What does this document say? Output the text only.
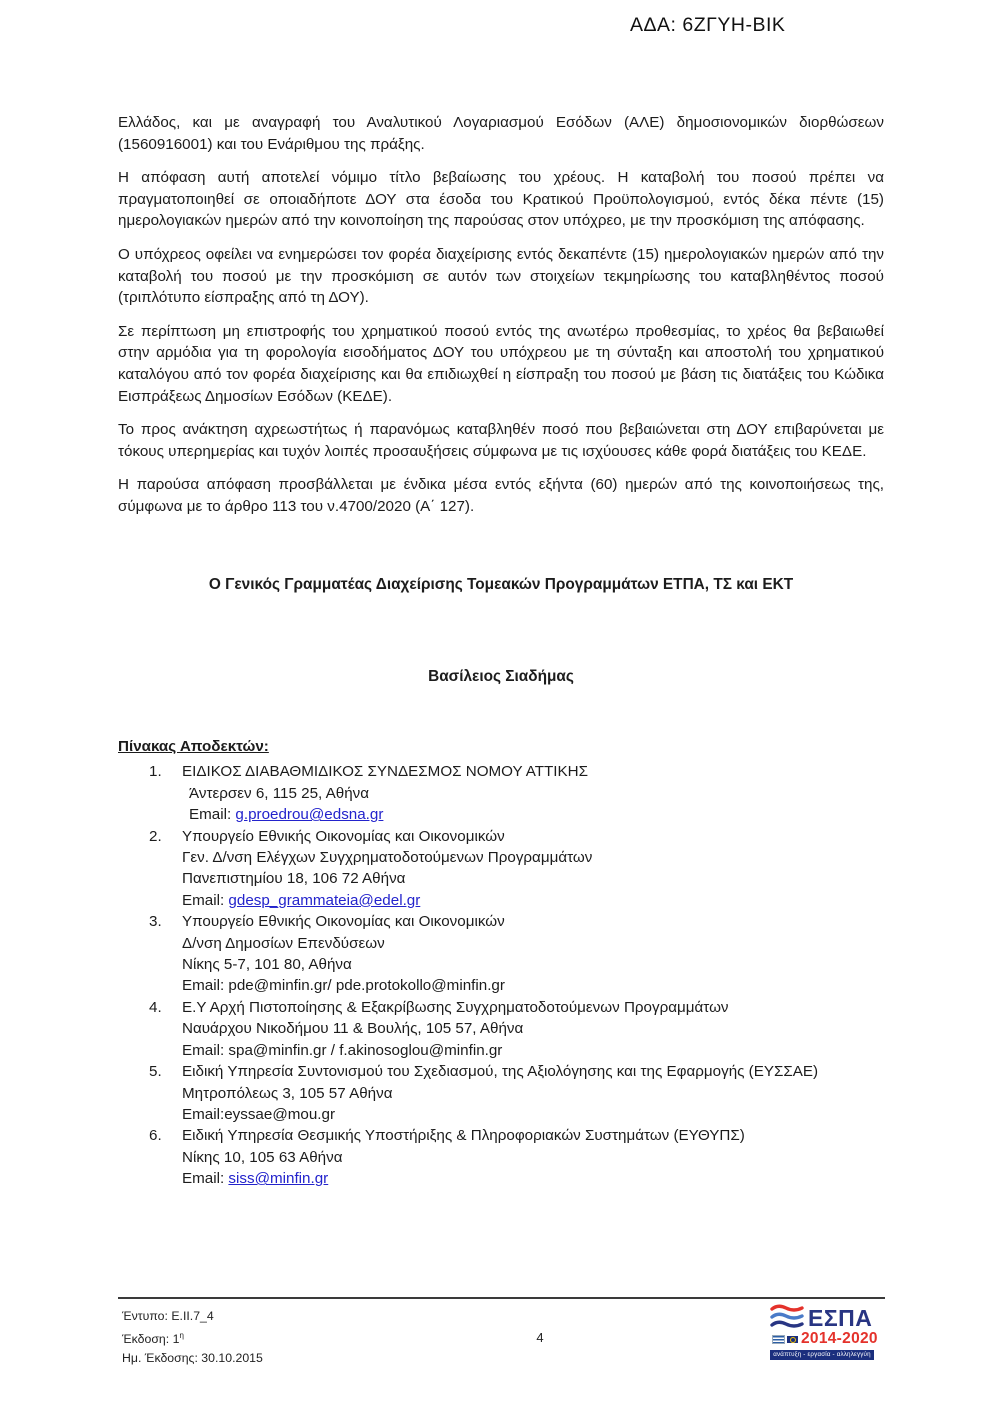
ΑΔΑ: 6ΖΓΥΗ-ΒΙΚ

Ελλάδος, και με αναγραφή του Αναλυτικού Λογαριασμού Εσόδων (ΑΛΕ) δημοσιονομικών διορθώσεων (1560916001) και του Ενάριθμου της πράξης.

Η απόφαση αυτή αποτελεί νόμιμο τίτλο βεβαίωσης του χρέους. Η καταβολή του ποσού πρέπει να πραγματοποιηθεί σε οποιαδήποτε ΔΟΥ στα έσοδα του Κρατικού Προϋπολογισμού, εντός δέκα πέντε (15) ημερολογιακών ημερών από την κοινοποίηση της παρούσας στον υπόχρεο, με την προσκόμιση της απόφασης.

Ο υπόχρεος οφείλει να ενημερώσει τον φορέα διαχείρισης εντός δεκαπέντε (15) ημερολογιακών ημερών από την καταβολή του ποσού με την προσκόμιση σε αυτόν των στοιχείων τεκμηρίωσης του καταβληθέντος ποσού (τριπλότυπο είσπραξης από τη ΔΟΥ).

Σε περίπτωση μη επιστροφής του χρηματικού ποσού εντός της ανωτέρω προθεσμίας, το χρέος θα βεβαιωθεί στην αρμόδια για τη φορολογία εισοδήματος ΔΟΥ του υπόχρεου με τη σύνταξη και αποστολή του χρηματικού καταλόγου από τον φορέα διαχείρισης και θα επιδιωχθεί η είσπραξη του ποσού με βάση τις διατάξεις του Κώδικα Εισπράξεως Δημοσίων Εσόδων (ΚΕΔΕ).

Το προς ανάκτηση αχρεωστήτως ή παρανόμως καταβληθέν ποσό που βεβαιώνεται στη ΔΟΥ επιβαρύνεται με τόκους υπερημερίας και τυχόν λοιπές προσαυξήσεις σύμφωνα με τις ισχύουσες κάθε φορά διατάξεις του ΚΕΔΕ.

Η παρούσα απόφαση προσβάλλεται με ένδικα μέσα εντός εξήντα (60) ημερών από της κοινοποιήσεως της, σύμφωνα με το άρθρο 113 του ν.4700/2020 (Α΄ 127).

Ο Γενικός Γραμματέας Διαχείρισης Τομεακών Προγραμμάτων ΕΤΠΑ, ΤΣ και ΕΚΤ
Βασίλειος Σιαδήμας
Πίνακας Αποδεκτών:
1.	ΕΙΔΙΚΟΣ ΔΙΑΒΑΘΜΙΔΙΚΟΣ ΣΥΝΔΕΣΜΟΣ ΝΟΜΟΥ ΑΤΤΙΚΗΣ
Άντερσεν 6, 115 25, Αθήνα
Email: g.proedrou@edsna.gr
2.	Υπουργείο Εθνικής Οικονομίας και Οικονομικών
Γεν. Δ/νση Ελέγχων Συγχρηματοδοτούμενων Προγραμμάτων
Πανεπιστημίου 18, 106 72 Αθήνα
Email: gdesp_grammateia@edel.gr
3.	Υπουργείο Εθνικής Οικονομίας και Οικονομικών
Δ/νση Δημοσίων Επενδύσεων
Νίκης 5-7, 101 80, Αθήνα
Email: pde@minfin.gr/ pde.protokollo@minfin.gr
4.	Ε.Υ Αρχή Πιστοποίησης & Εξακρίβωσης Συγχρηματοδοτούμενων Προγραμμάτων
Ναυάρχου Νικοδήμου 11 & Βουλής, 105 57, Αθήνα
Email: spa@minfin.gr / f.akinosoglou@minfin.gr
5.	Ειδική Υπηρεσία Συντονισμού του Σχεδιασμού, της Αξιολόγησης και της Εφαρμογής (ΕΥΣΣΑΕ)
Μητροπόλεως 3, 105 57 Αθήνα
Email:eyssae@mou.gr
6.	Ειδική Υπηρεσία Θεσμικής Υποστήριξης & Πληροφοριακών Συστημάτων (ΕΥΘΥΠΣ)
Νίκης 10, 105 63 Αθήνα
Email: siss@minfin.gr
Έντυπο: Ε.ΙΙ.7_4
Έκδοση: $1^\eta$
Ημ. Έκδοσης: 30.10.2015
4
ΕΣΠΑ
2014-2020
ανάπτυξη - εργασία - αλληλεγγύη
